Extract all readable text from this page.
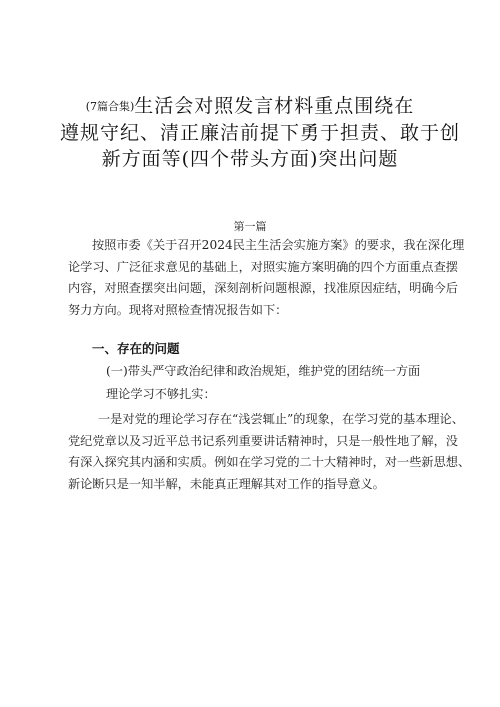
(7篇合集)生活会对照发言材料重点围绕在
遵规守纪、清正廉洁前提下勇于担责、敢于创
新方面等(四个带头方面)突出问题
第一篇
按照市委《关于召开2024民主生活会实施方案》的要求，我在深化理
论学习、广泛征求意见的基础上，对照实施方案明确的四个方面重点查摆
内容，对照查摆突出问题，深刻剖析问题根源，找准原因症结，明确今后
努力方向。现将对照检查情况报告如下：
一、存在的问题
(一)带头严守政治纪律和政治规矩，维护党的团结统一方面
理论学习不够扎实：
一是对党的理论学习存在“浅尝辄止”的现象，在学习党的基本理论、
党纪党章以及习近平总书记系列重要讲话精神时，只是一般性地了解，没
有深入探究其内涵和实质。例如在学习党的二十大精神时，对一些新思想、
新论断只是一知半解，未能真正理解其对工作的指导意义。
